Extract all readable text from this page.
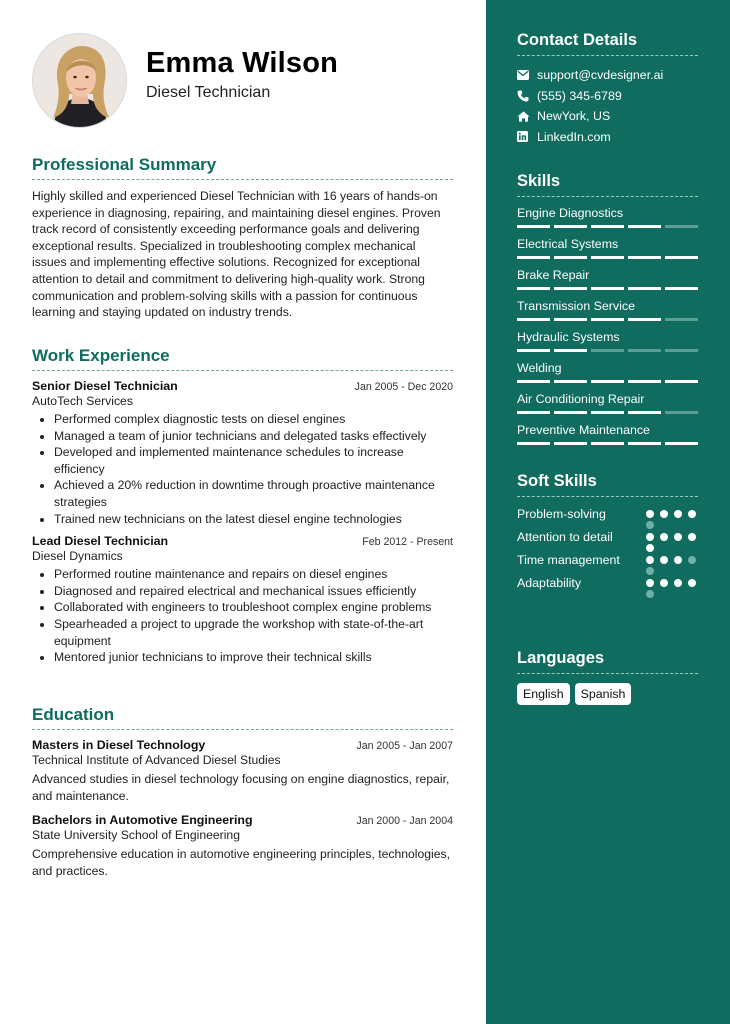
Emma Wilson
Diesel Technician
Professional Summary

Highly skilled and experienced Diesel Technician with 16 years of hands-on experience in diagnosing, repairing, and maintaining diesel engines. Proven track record of consistently exceeding performance goals and delivering exceptional results. Specialized in troubleshooting complex mechanical issues and implementing effective solutions. Recognized for exceptional attention to detail and commitment to delivering high-quality work. Strong communication and problem-solving skills with a passion for continuous learning and staying updated on industry trends.

Work Experience
Senior Diesel Technician	Jan 2005 - Dec 2020
AutoTech Services
Performed complex diagnostic tests on diesel engines
Managed a team of junior technicians and delegated tasks effectively
Developed and implemented maintenance schedules to increase efficiency
Achieved a 20% reduction in downtime through proactive maintenance strategies
Trained new technicians on the latest diesel engine technologies
Lead Diesel Technician	Feb 2012 - Present
Diesel Dynamics
Performed routine maintenance and repairs on diesel engines
Diagnosed and repaired electrical and mechanical issues efficiently
Collaborated with engineers to troubleshoot complex engine problems
Spearheaded a project to upgrade the workshop with state-of-the-art equipment
Mentored junior technicians to improve their technical skills
Education
Masters in Diesel Technology	Jan 2005 - Jan 2007
Technical Institute of Advanced Diesel Studies

Advanced studies in diesel technology focusing on engine diagnostics, repair, and maintenance.

Bachelors in Automotive Engineering	Jan 2000 - Jan 2004
State University School of Engineering

Comprehensive education in automotive engineering principles, technologies, and practices.

Contact Details
support@cvdesigner.ai
(555) 345-6789
NewYork, US
LinkedIn.com
Skills
Engine Diagnostics
Electrical Systems
Brake Repair
Transmission Service
Hydraulic Systems
Welding
Air Conditioning Repair
Preventive Maintenance
Soft Skills
Problem-solving
Attention to detail
Time management
Adaptability
Languages
English	Spanish
